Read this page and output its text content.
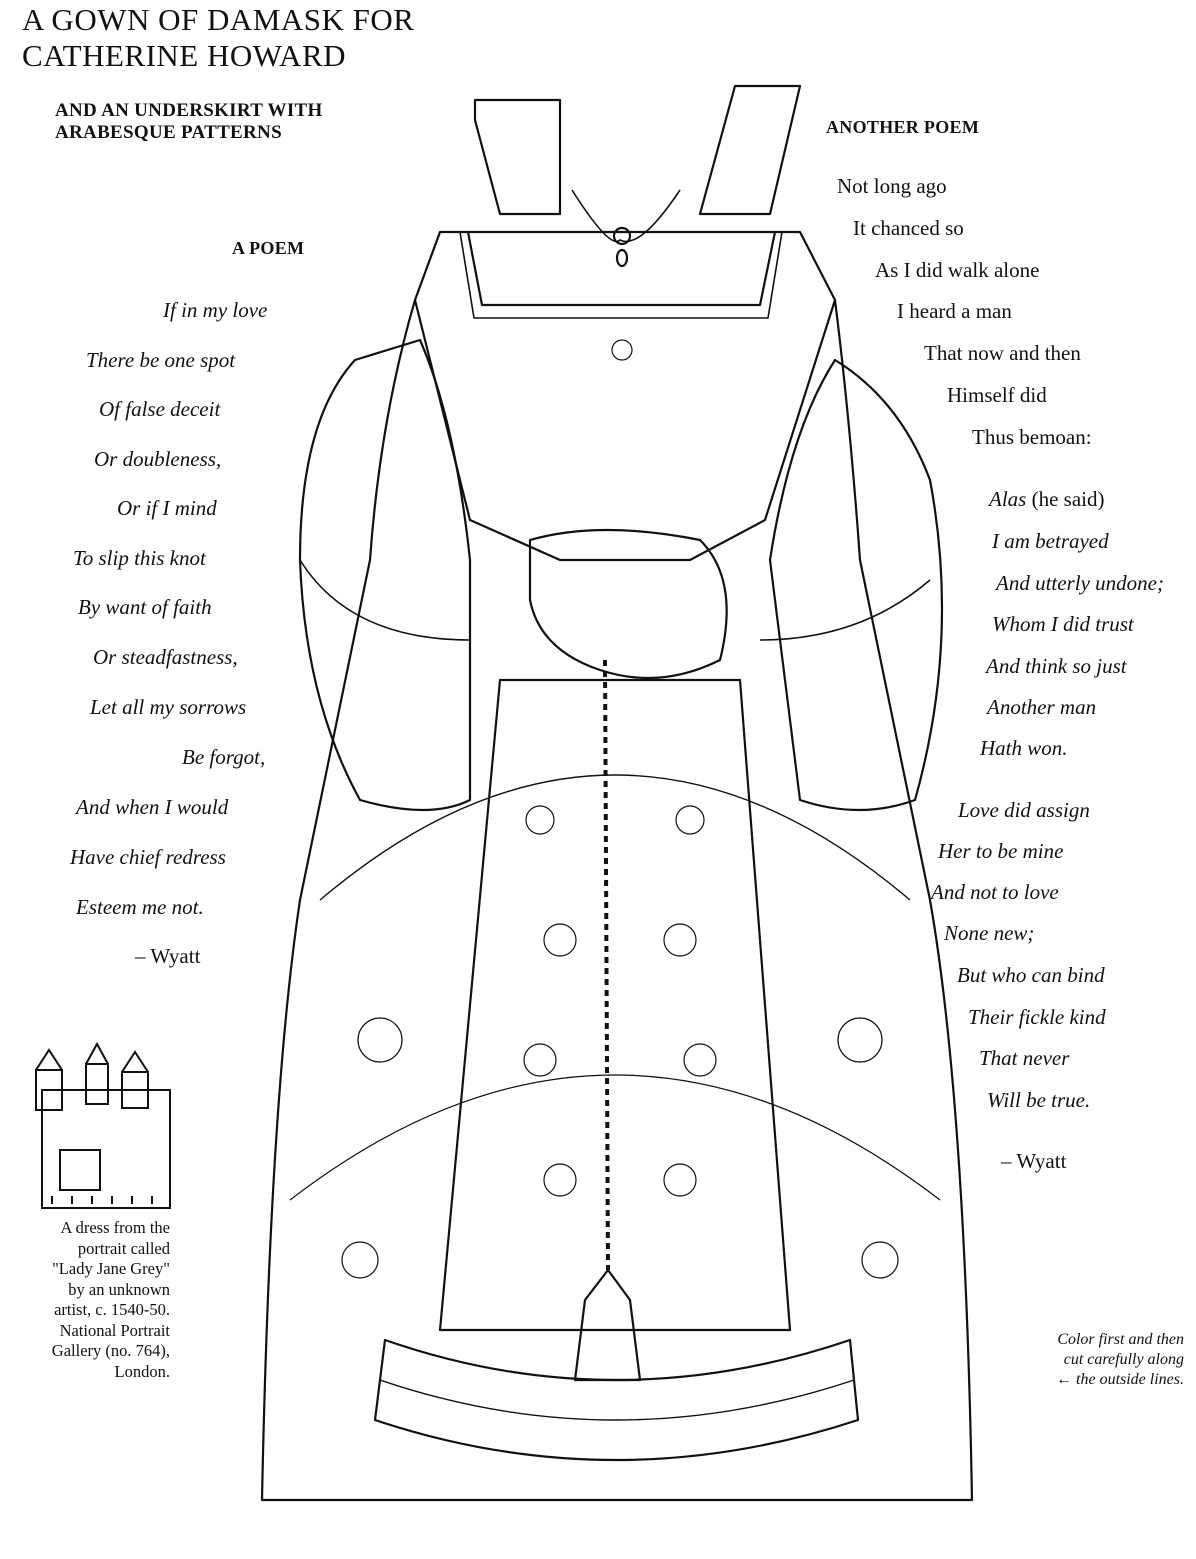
A GOWN OF DAMASK FOR
CATHERINE HOWARD
AND AN UNDERSKIRT WITH
ARABESQUE PATTERNS
A POEM
If in my love
There be one spot
Of false deceit
Or doubleness,
Or if I mind
To slip this knot
By want of faith
Or steadfastness,
Let all my sorrows
Be forgot,
And when I would
Have chief redress
Esteem me not.
– Wyatt
ANOTHER POEM
Not long ago
It chanced so
As I did walk alone
I heard a man
That now and then
Himself did
Thus bemoan:
Alas (he said)
I am betrayed
And utterly undone;
Whom I did trust
And think so just
Another man
Hath won.
Love did assign
Her to be mine
And not to love
None new;
But who can bind
Their fickle kind
That never
Will be true.
– Wyatt
A dress from the
portrait called
"Lady Jane Grey"
by an unknown
artist, c. 1540-50.
National Portrait
Gallery (no. 764),
London.
Color first and then
cut carefully along
← the outside lines.
